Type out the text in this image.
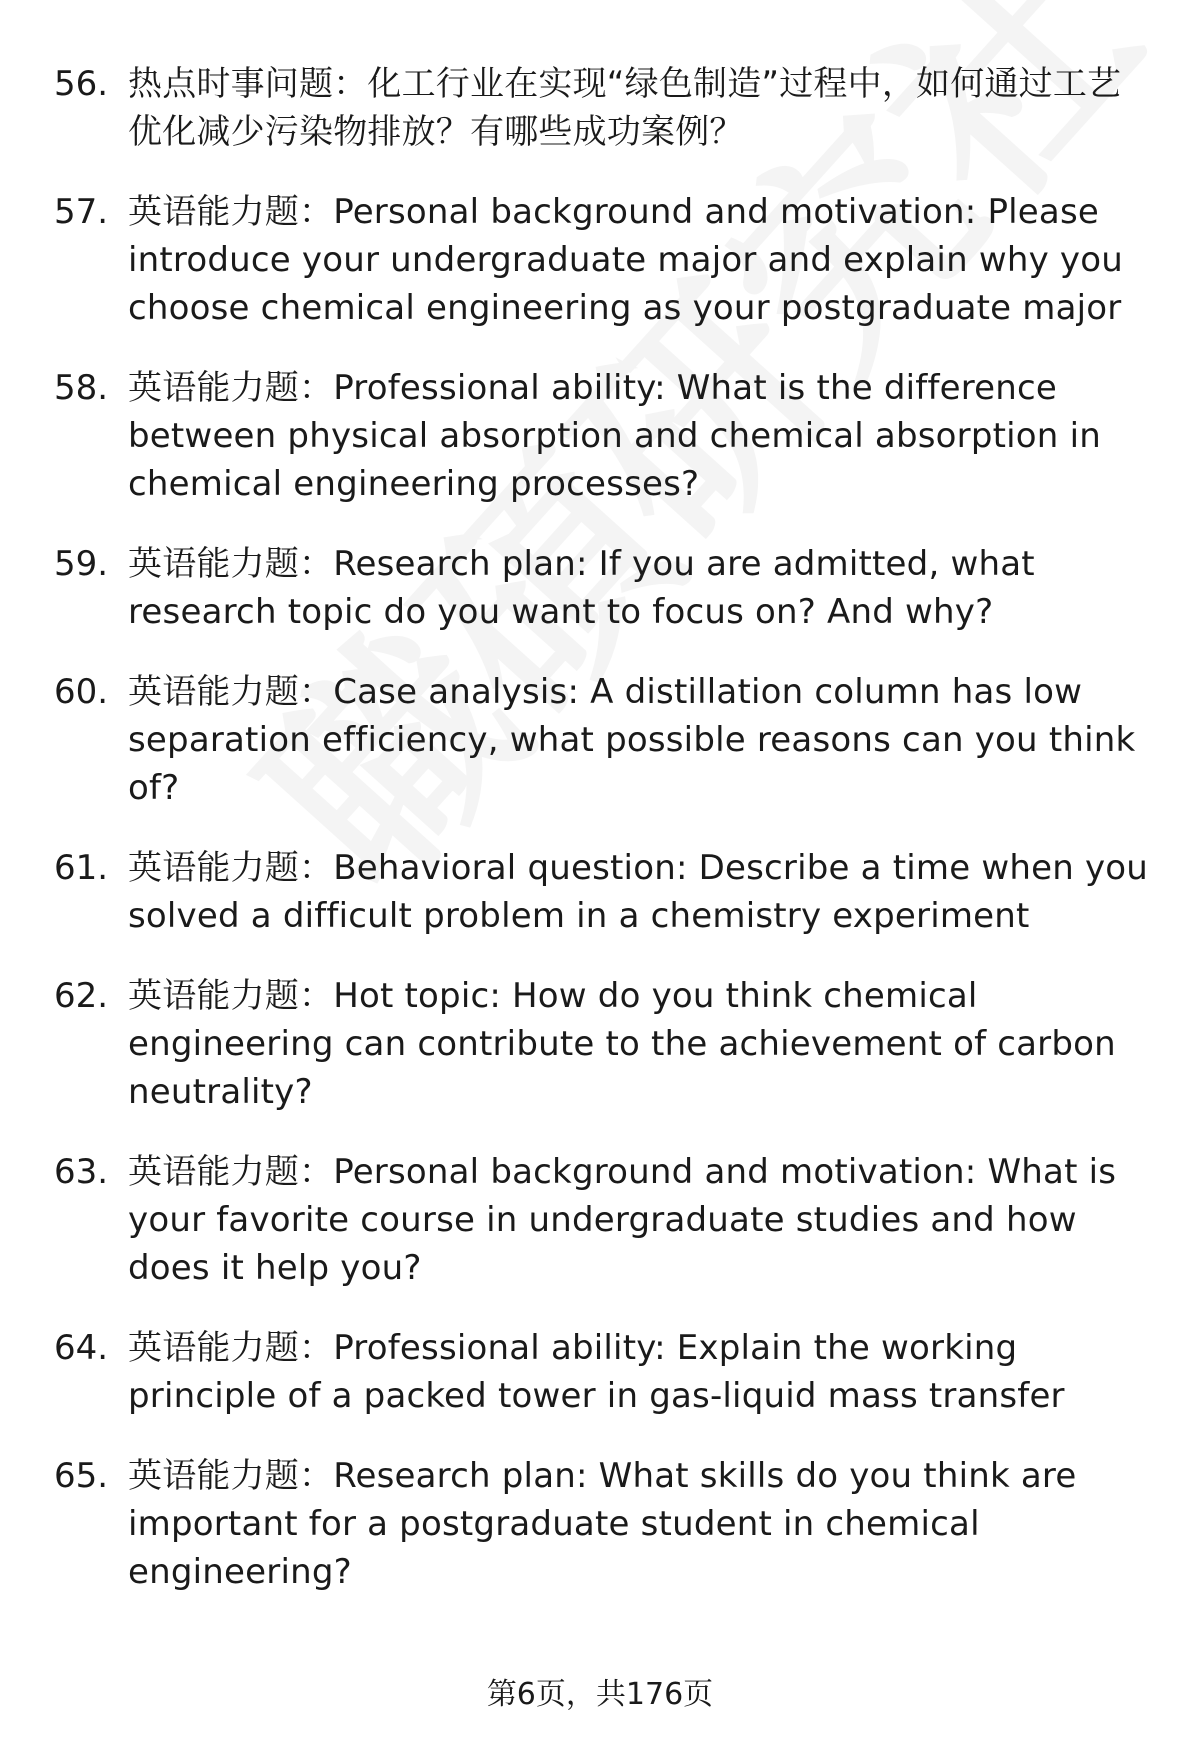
56. 热点时事问题：化工行业在实现“绿色制造”过程中，如何通过工艺优化减少污染物排放？有哪些成功案例？
57. 英语能力题：Personal background and motivation: Please introduce your undergraduate major and explain why you choose chemical engineering as your postgraduate major
58. 英语能力题：Professional ability: What is the difference between physical absorption and chemical absorption in chemical engineering processes?
59. 英语能力题：Research plan: If you are admitted, what research topic do you want to focus on? And why?
60. 英语能力题：Case analysis: A distillation column has low separation efficiency, what possible reasons can you think of?
61. 英语能力题：Behavioral question: Describe a time when you solved a difficult problem in a chemistry experiment
62. 英语能力题：Hot topic: How do you think chemical engineering can contribute to the achievement of carbon neutrality?
63. 英语能力题：Personal background and motivation: What is your favorite course in undergraduate studies and how does it help you?
64. 英语能力题：Professional ability: Explain the working principle of a packed tower in gas-liquid mass transfer
65. 英语能力题：Research plan: What skills do you think are important for a postgraduate student in chemical engineering?
第6页，共176页
